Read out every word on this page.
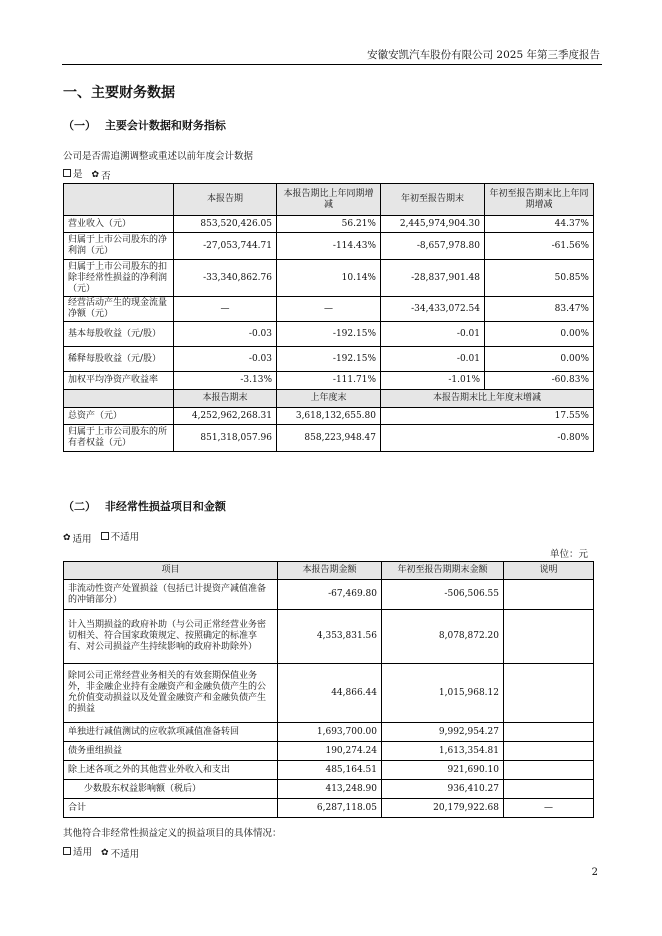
安徽安凯汽车股份有限公司 2025 年第三季度报告
一、主要财务数据
（一） 主要会计数据和财务指标
公司是否需追溯调整或重述以前年度会计数据
是
✿ 否
	本报告期	本报告期比上年同期增减	年初至报告期末	年初至报告期末比上年同期增减
营业收入（元）	853,520,426.05	56.21%	2,445,974,904.30	44.37%
归属于上市公司股东的净利润（元）	-27,053,744.71	-114.43%	-8,657,978.80	-61.56%
归属于上市公司股东的扣除非经常性损益的净利润（元）	-33,340,862.76	10.14%	-28,837,901.48	50.85%
经营活动产生的现金流量净额（元）	—	—	-34,433,072.54	83.47%
基本每股收益（元/股）	-0.03	-192.15%	-0.01	0.00%
稀释每股收益（元/股）	-0.03	-192.15%	-0.01	0.00%
加权平均净资产收益率	-3.13%	-111.71%	-1.01%	-60.83%
	本报告期末	上年度末	本报告期末比上年度末增减	
总资产（元）	4,252,962,268.31	3,618,132,655.80	17.55%	
归属于上市公司股东的所有者权益（元）	851,318,057.96	858,223,948.47	-0.80%	
（二） 非经常性损益项目和金额
✿ 适用
不适用
单位：元
项目	本报告期金额	年初至报告期期末金额	说明
非流动性资产处置损益（包括已计提资产减值准备的冲销部分）	-67,469.80	-506,506.55	
计入当期损益的政府补助（与公司正常经营业务密切相关、符合国家政策规定、按照确定的标准享有、对公司损益产生持续影响的政府补助除外）	4,353,831.56	8,078,872.20	
除同公司正常经营业务相关的有效套期保值业务外，非金融企业持有金融资产和金融负债产生的公允价值变动损益以及处置金融资产和金融负债产生的损益	44,866.44	1,015,968.12	
单独进行减值测试的应收款项减值准备转回	1,693,700.00	9,992,954.27	
债务重组损益	190,274.24	1,613,354.81	
除上述各项之外的其他营业外收入和支出	485,164.51	921,690.10	
少数股东权益影响额（税后）	413,248.90	936,410.27	
合计	6,287,118.05	20,179,922.68	—
其他符合非经常性损益定义的损益项目的具体情况：
适用
✿ 不适用
2
